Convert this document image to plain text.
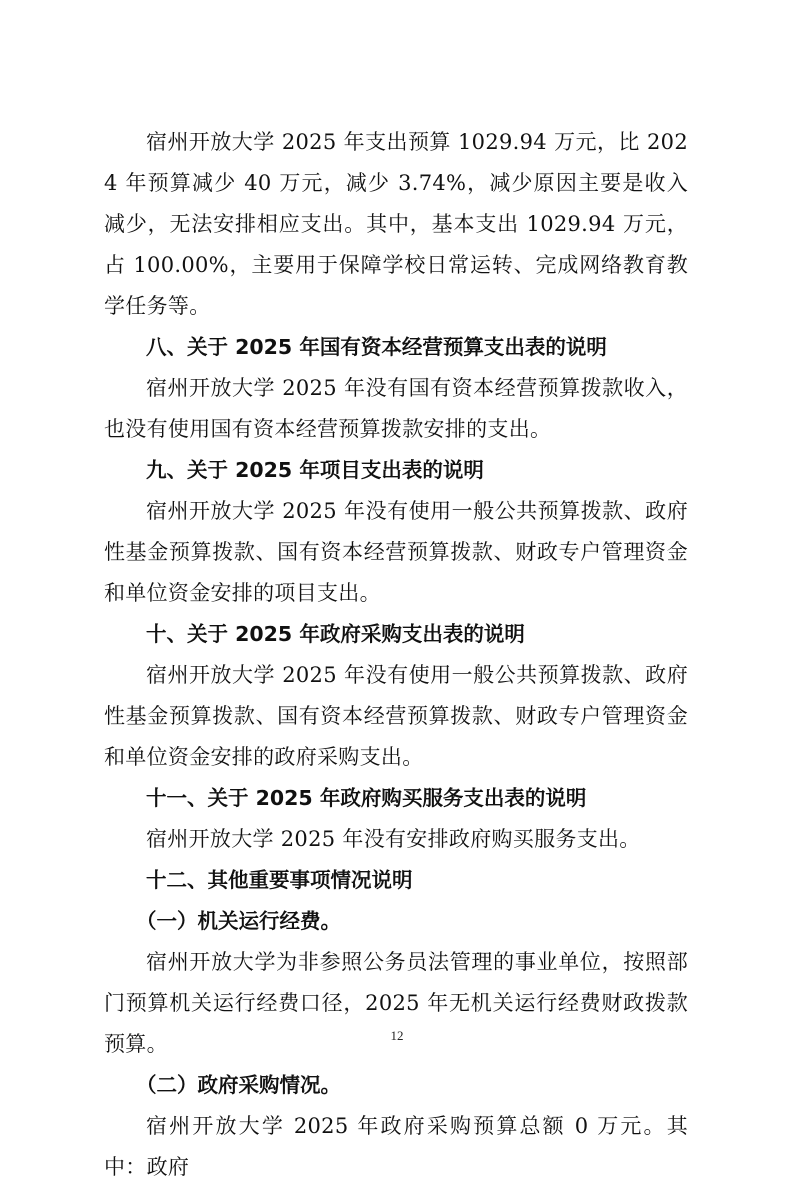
宿州开放大学 2025 年支出预算 1029.94 万元，比 2024 年预算减少 40 万元，减少 3.74%，减少原因主要是收入减少，无法安排相应支出。其中，基本支出 1029.94 万元，占 100.00%，主要用于保障学校日常运转、完成网络教育教学任务等。

八、关于 2025 年国有资本经营预算支出表的说明

宿州开放大学 2025 年没有国有资本经营预算拨款收入，也没有使用国有资本经营预算拨款安排的支出。

九、关于 2025 年项目支出表的说明

宿州开放大学 2025 年没有使用一般公共预算拨款、政府性基金预算拨款、国有资本经营预算拨款、财政专户管理资金和单位资金安排的项目支出。

十、关于 2025 年政府采购支出表的说明

宿州开放大学 2025 年没有使用一般公共预算拨款、政府性基金预算拨款、国有资本经营预算拨款、财政专户管理资金和单位资金安排的政府采购支出。

十一、关于 2025 年政府购买服务支出表的说明

宿州开放大学 2025 年没有安排政府购买服务支出。

十二、其他重要事项情况说明

（一）机关运行经费。

宿州开放大学为非参照公务员法管理的事业单位，按照部门预算机关运行经费口径，2025 年无机关运行经费财政拨款预算。

（二）政府采购情况。

宿州开放大学 2025 年政府采购预算总额 0 万元。其中：政府

12
